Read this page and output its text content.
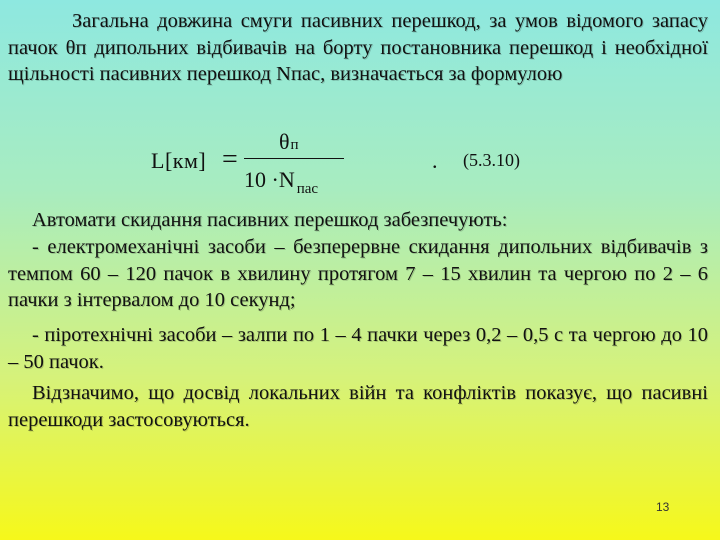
Загальна довжина смуги пасивних перешкод, за умов відомого запасу пачок θп дипольних відбивачів на борту постановника перешкод і необхідної щільності пасивних перешкод Nпас, визначається за формулою

L[км] =
θп
10 ·N $_{пас}$
. (5.3.10)

Автомати скидання пасивних перешкод забезпечують:

- електромеханічні засоби – безперервне скидання дипольних відбивачів з темпом 60 – 120 пачок в хвилину протягом 7 – 15 хвилин та чергою по 2 – 6 пачки з інтервалом до 10 секунд;

- піротехнічні засоби – залпи по 1 – 4 пачки через 0,2 – 0,5 с та чергою до 10 – 50 пачок.

Відзначимо, що досвід локальних війн та конфліктів показує, що пасивні перешкоди застосовуються.

13
